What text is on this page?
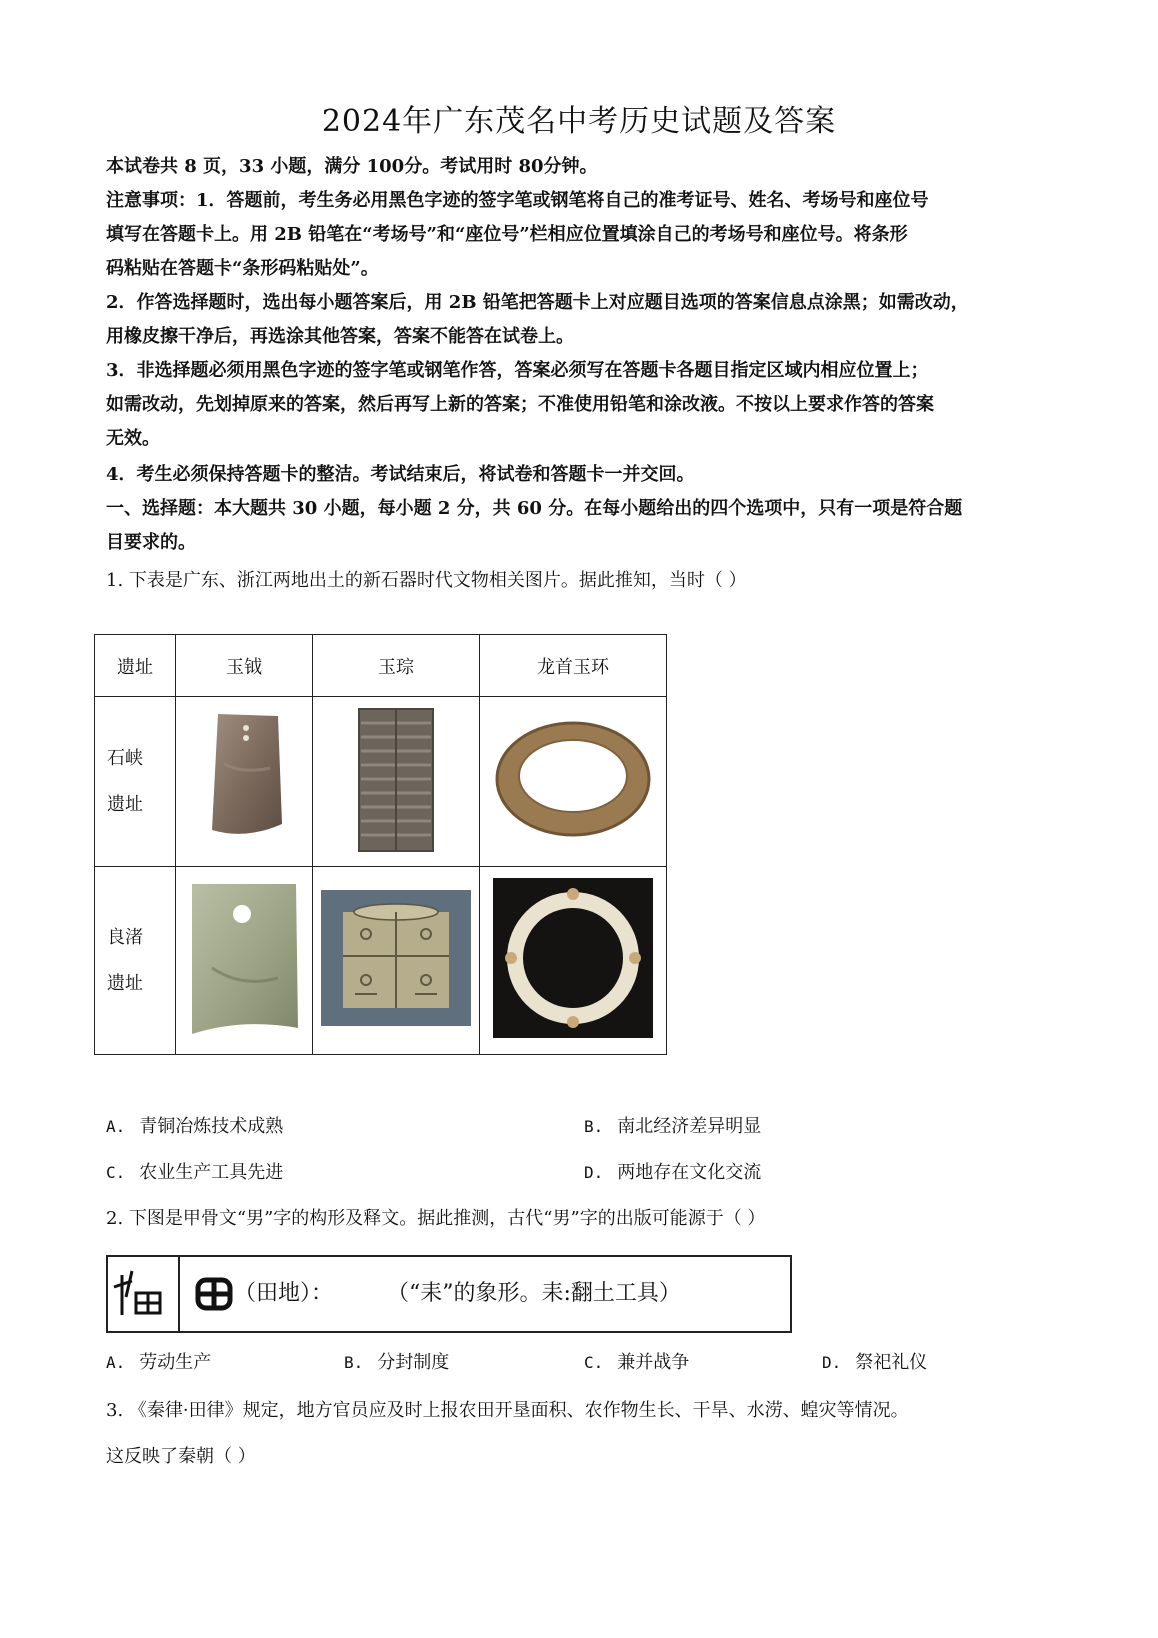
2024年广东茂名中考历史试题及答案
本试卷共 8 页，33 小题，满分 100分。考试用时 80分钟。
注意事项：1．答题前，考生务必用黑色字迹的签字笔或钢笔将自己的准考证号、姓名、考场号和座位号
填写在答题卡上。用 2B 铅笔在“考场号”和“座位号”栏相应位置填涂自己的考场号和座位号。将条形
码粘贴在答题卡“条形码粘贴处”。
2．作答选择题时，选出每小题答案后，用 2B 铅笔把答题卡上对应题目选项的答案信息点涂黑；如需改动，
用橡皮擦干净后，再选涂其他答案，答案不能答在试卷上。
3．非选择题必须用黑色字迹的签字笔或钢笔作答，答案必须写在答题卡各题目指定区域内相应位置上；
如需改动，先划掉原来的答案，然后再写上新的答案；不准使用铅笔和涂改液。不按以上要求作答的答案
无效。
4．考生必须保持答题卡的整洁。考试结束后，将试卷和答题卡一并交回。
一、选择题：本大题共 30 小题，每小题 2 分，共 60 分。在每小题给出的四个选项中，只有一项是符合题
目要求的。
1. 下表是广东、浙江两地出土的新石器时代文物相关图片。据此推知，当时（ ）
遗址	玉钺	玉琮	龙首玉环

石峡
遗址

良渚
遗址

A. 青铜冶炼技术成熟	B. 南北经济差异明显
C. 农业生产工具先进	D. 两地存在文化交流
2. 下图是甲骨文“男”字的构形及释文。据此推测，古代“男”字的出版可能源于（ ）
（田地）： （“耒”的象形。耒:翻土工具）
A. 劳动生产	B. 分封制度	C. 兼并战争	D. 祭祀礼仪
3. 《秦律·田律》规定，地方官员应及时上报农田开垦面积、农作物生长、干旱、水涝、蝗灾等情况。
这反映了秦朝（ ）
